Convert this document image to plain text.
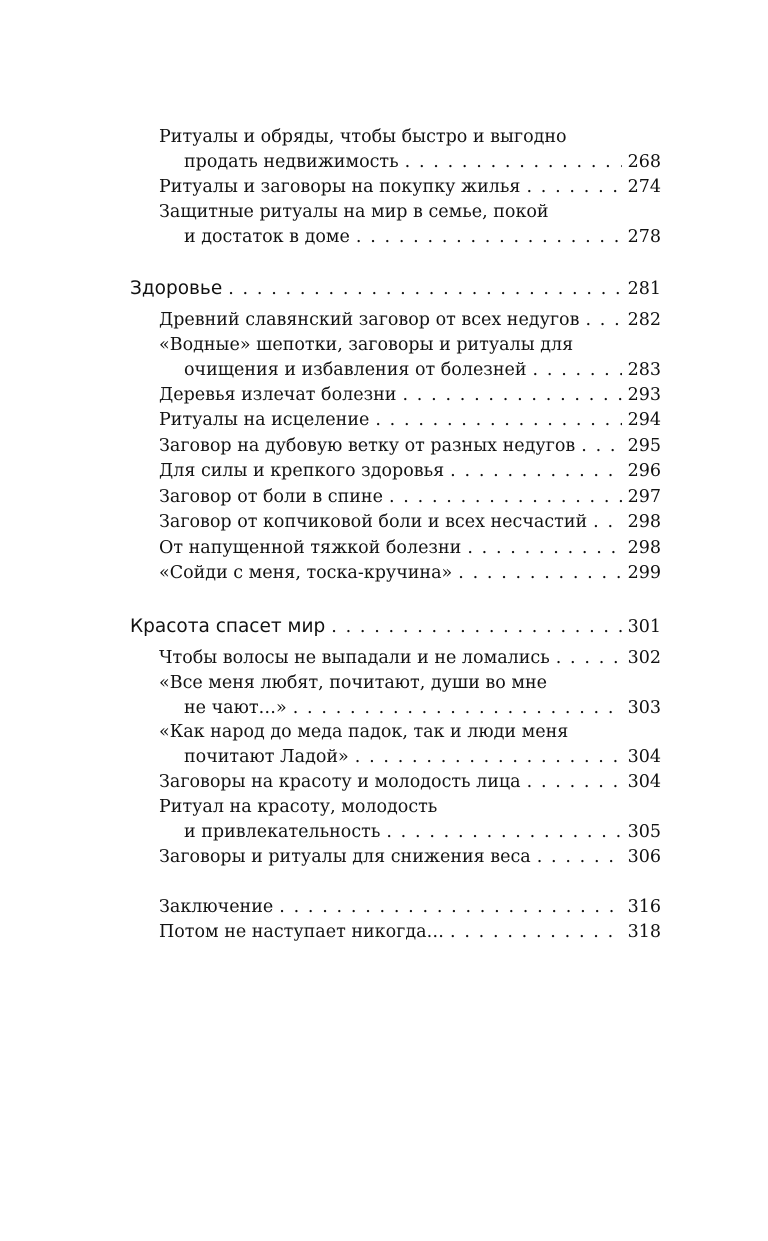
Ритуалы и обряды, чтобы быстро и выгодно
продать недвижимость . . .	268
Ритуалы и заговоры на покупку жилья . . .	274
Защитные ритуалы на мир в семье, покой
и достаток в доме . . .	278
Здоровье . . .	281
Древний славянский заговор от всех недугов . . .	282
«Водные» шепотки, заговоры и ритуалы для
очищения и избавления от болезней . . .	283
Деревья излечат болезни . . .	293
Ритуалы на исцеление . . .	294
Заговор на дубовую ветку от разных недугов . . .	295
Для силы и крепкого здоровья . . .	296
Заговор от боли в спине . . .	297
Заговор от копчиковой боли и всех несчастий . . . 298
От напущенной тяжкой болезни . . .	298
«Сойди с меня, тоска-кручина» . . .	299
Красота спасет мир . . .	301
Чтобы волосы не выпадали и не ломались . . .	302
«Все меня любят, почитают, души во мне
не чают…» . . .	303
«Как народ до меда падок, так и люди меня
почитают Ладой» . . .	304
Заговоры на красоту и молодость лица . . .	304
Ритуал на красоту, молодость
и привлекательность . . .	305
Заговоры и ритуалы для снижения веса . . .	306
Заключение . . .	316
Потом не наступает никогда… . . .	318
